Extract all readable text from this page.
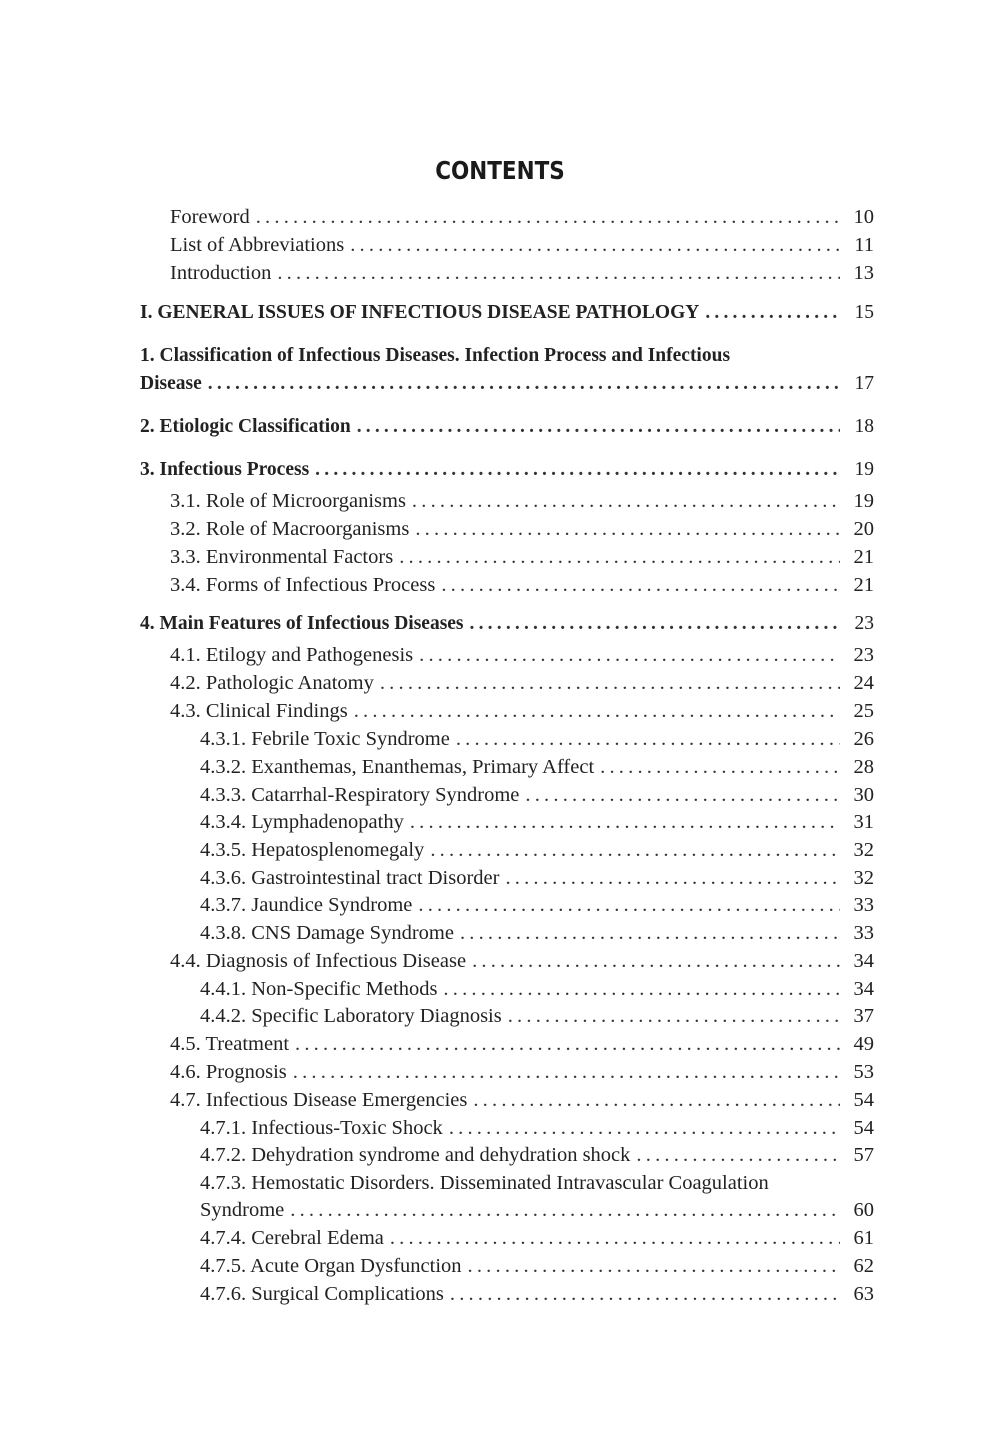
CONTENTS
Foreword .....	10
List of Abbreviations .....	11
Introduction .....	13
I. GENERAL ISSUES OF INFECTIOUS DISEASE PATHOLOGY .....	15
1. Classification of Infectious Diseases. Infection Process and Infectious
Disease .....	17
2. Etiologic Classification .....	18
3. Infectious Process .....	19
3.1. Role of Microorganisms .....	19
3.2. Role of Macroorganisms .....	20
3.3. Environmental Factors .....	21
3.4. Forms of Infectious Process .....	21
4. Main Features of Infectious Diseases .....	23
4.1. Etilogy and Pathogenesis .....	23
4.2. Pathologic Anatomy .....	24
4.3. Clinical Findings .....	25
4.3.1. Febrile Toxic Syndrome .....	26
4.3.2. Exanthemas, Enanthemas, Primary Affect .....	28
4.3.3. Catarrhal-Respiratory Syndrome .....	30
4.3.4. Lymphadenopathy .....	31
4.3.5. Hepatosplenomegaly .....	32
4.3.6. Gastrointestinal tract Disorder .....	32
4.3.7. Jaundice Syndrome .....	33
4.3.8. CNS Damage Syndrome .....	33
4.4. Diagnosis of Infectious Disease .....	34
4.4.1. Non-Specific Methods .....	34
4.4.2. Specific Laboratory Diagnosis .....	37
4.5. Treatment .....	49
4.6. Prognosis .....	53
4.7. Infectious Disease Emergencies .....	54
4.7.1. Infectious-Toxic Shock .....	54
4.7.2. Dehydration syndrome and dehydration shock .....	57
4.7.3. Hemostatic Disorders. Disseminated Intravascular Coagulation
Syndrome .....	60
4.7.4. Cerebral Edema .....	61
4.7.5. Acute Organ Dysfunction .....	62
4.7.6. Surgical Complications .....	63
